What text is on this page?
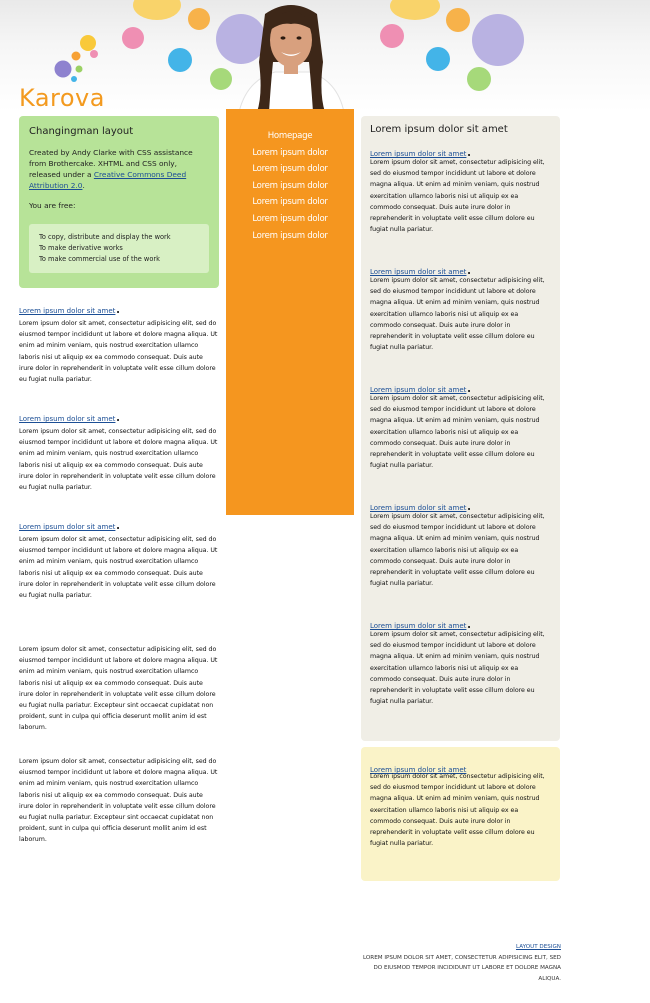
Karova
Changingman layout
Created by Andy Clarke with CSS assistance from Brothercake. XHTML and CSS only, released under a Creative Commons Deed Attribution 2.0.
You are free:
To copy, distribute and display the work
To make derivative works
To make commercial use of the work
Homepage
Lorem ipsum dolor
Lorem ipsum dolor
Lorem ipsum dolor
Lorem ipsum dolor
Lorem ipsum dolor
Lorem ipsum dolor
Lorem ipsum dolor sit amet.
Lorem ipsum dolor sit amet, consectetur adipisicing elit, sed do eiusmod tempor incididunt ut labore et dolore magna aliqua. Ut enim ad minim veniam, quis nostrud exercitation ullamco laboris nisi ut aliquip ex ea commodo consequat. Duis aute irure dolor in reprehenderit in voluptate velit esse cillum dolore eu fugiat nulla pariatur.
Lorem ipsum dolor sit amet.
Lorem ipsum dolor sit amet, consectetur adipisicing elit, sed do eiusmod tempor incididunt ut labore et dolore magna aliqua. Ut enim ad minim veniam, quis nostrud exercitation ullamco laboris nisi ut aliquip ex ea commodo consequat. Duis aute irure dolor in reprehenderit in voluptate velit esse cillum dolore eu fugiat nulla pariatur.
Lorem ipsum dolor sit amet.
Lorem ipsum dolor sit amet, consectetur adipisicing elit, sed do eiusmod tempor incididunt ut labore et dolore magna aliqua. Ut enim ad minim veniam, quis nostrud exercitation ullamco laboris nisi ut aliquip ex ea commodo consequat. Duis aute irure dolor in reprehenderit in voluptate velit esse cillum dolore eu fugiat nulla pariatur.
Lorem ipsum dolor sit amet, consectetur adipisicing elit, sed do eiusmod tempor incididunt ut labore et dolore magna aliqua. Ut enim ad minim veniam, quis nostrud exercitation ullamco laboris nisi ut aliquip ex ea commodo consequat. Duis aute irure dolor in reprehenderit in voluptate velit esse cillum dolore eu fugiat nulla pariatur. Excepteur sint occaecat cupidatat non proident, sunt in culpa qui officia deserunt mollit anim id est laborum.
Lorem ipsum dolor sit amet, consectetur adipisicing elit, sed do eiusmod tempor incididunt ut labore et dolore magna aliqua. Ut enim ad minim veniam, quis nostrud exercitation ullamco laboris nisi ut aliquip ex ea commodo consequat. Duis aute irure dolor in reprehenderit in voluptate velit esse cillum dolore eu fugiat nulla pariatur. Excepteur sint occaecat cupidatat non proident, sunt in culpa qui officia deserunt mollit anim id est laborum.
Lorem ipsum dolor sit amet
Lorem ipsum dolor sit amet.
Lorem ipsum dolor sit amet, consectetur adipisicing elit, sed do eiusmod tempor incididunt ut labore et dolore magna aliqua. Ut enim ad minim veniam, quis nostrud exercitation ullamco laboris nisi ut aliquip ex ea commodo consequat. Duis aute irure dolor in reprehenderit in voluptate velit esse cillum dolore eu fugiat nulla pariatur.
Lorem ipsum dolor sit amet.
Lorem ipsum dolor sit amet, consectetur adipisicing elit, sed do eiusmod tempor incididunt ut labore et dolore magna aliqua. Ut enim ad minim veniam, quis nostrud exercitation ullamco laboris nisi ut aliquip ex ea commodo consequat. Duis aute irure dolor in reprehenderit in voluptate velit esse cillum dolore eu fugiat nulla pariatur.
Lorem ipsum dolor sit amet.
Lorem ipsum dolor sit amet, consectetur adipisicing elit, sed do eiusmod tempor incididunt ut labore et dolore magna aliqua. Ut enim ad minim veniam, quis nostrud exercitation ullamco laboris nisi ut aliquip ex ea commodo consequat. Duis aute irure dolor in reprehenderit in voluptate velit esse cillum dolore eu fugiat nulla pariatur.
Lorem ipsum dolor sit amet.
Lorem ipsum dolor sit amet, consectetur adipisicing elit, sed do eiusmod tempor incididunt ut labore et dolore magna aliqua. Ut enim ad minim veniam, quis nostrud exercitation ullamco laboris nisi ut aliquip ex ea commodo consequat. Duis aute irure dolor in reprehenderit in voluptate velit esse cillum dolore eu fugiat nulla pariatur.
Lorem ipsum dolor sit amet.
Lorem ipsum dolor sit amet, consectetur adipisicing elit, sed do eiusmod tempor incididunt ut labore et dolore magna aliqua. Ut enim ad minim veniam, quis nostrud exercitation ullamco laboris nisi ut aliquip ex ea commodo consequat. Duis aute irure dolor in reprehenderit in voluptate velit esse cillum dolore eu fugiat nulla pariatur.
Lorem ipsum dolor sit amet
Lorem ipsum dolor sit amet, consectetur adipisicing elit, sed do eiusmod tempor incididunt ut labore et dolore magna aliqua. Ut enim ad minim veniam, quis nostrud exercitation ullamco laboris nisi ut aliquip ex ea commodo consequat. Duis aute irure dolor in reprehenderit in voluptate velit esse cillum dolore eu fugiat nulla pariatur.
LAYOUT DESIGN
LOREM IPSUM DOLOR SIT AMET, CONSECTETUR ADIPISICING ELIT, SED DO EIUSMOD TEMPOR INCIDIDUNT UT LABORE ET DOLORE MAGNA ALIQUA.
